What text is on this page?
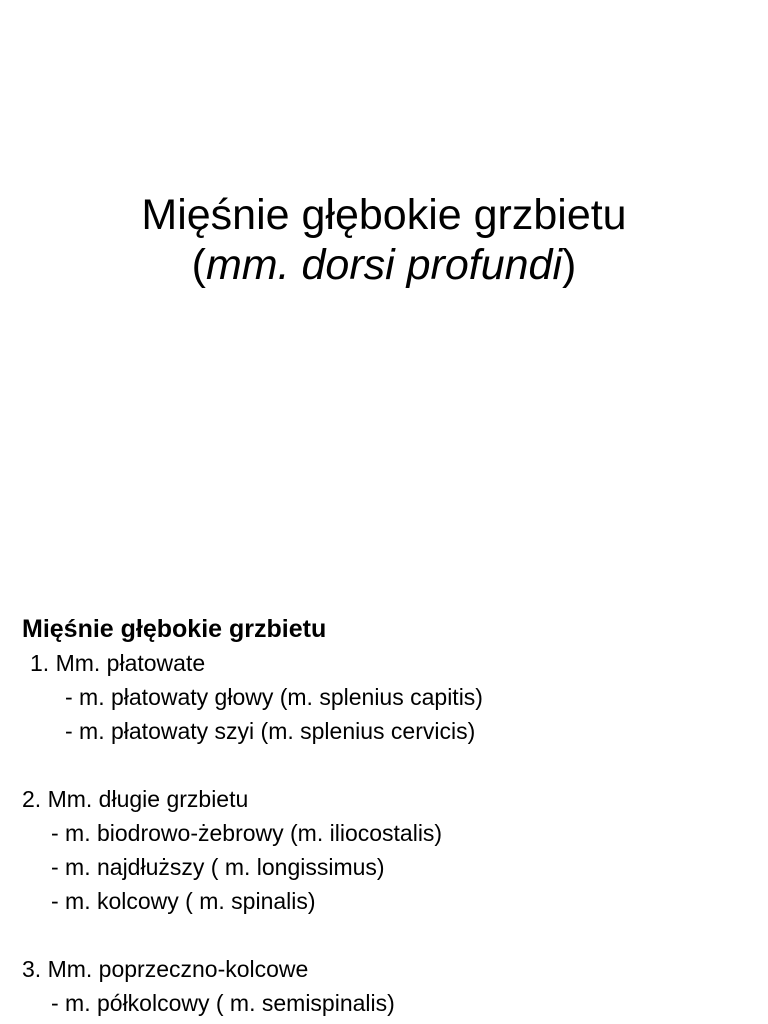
Mięśnie głębokie grzbietu
(mm. dorsi profundi)
Mięśnie głębokie grzbietu
1. Mm. płatowate
- m. płatowaty głowy (m. splenius capitis)
- m. płatowaty szyi (m. splenius cervicis)
2. Mm. długie grzbietu
- m. biodrowo-żebrowy (m. iliocostalis)
- m. najdłuższy ( m. longissimus)
- m. kolcowy ( m. spinalis)
3. Mm. poprzeczno-kolcowe
- m. półkolcowy ( m. semispinalis)
